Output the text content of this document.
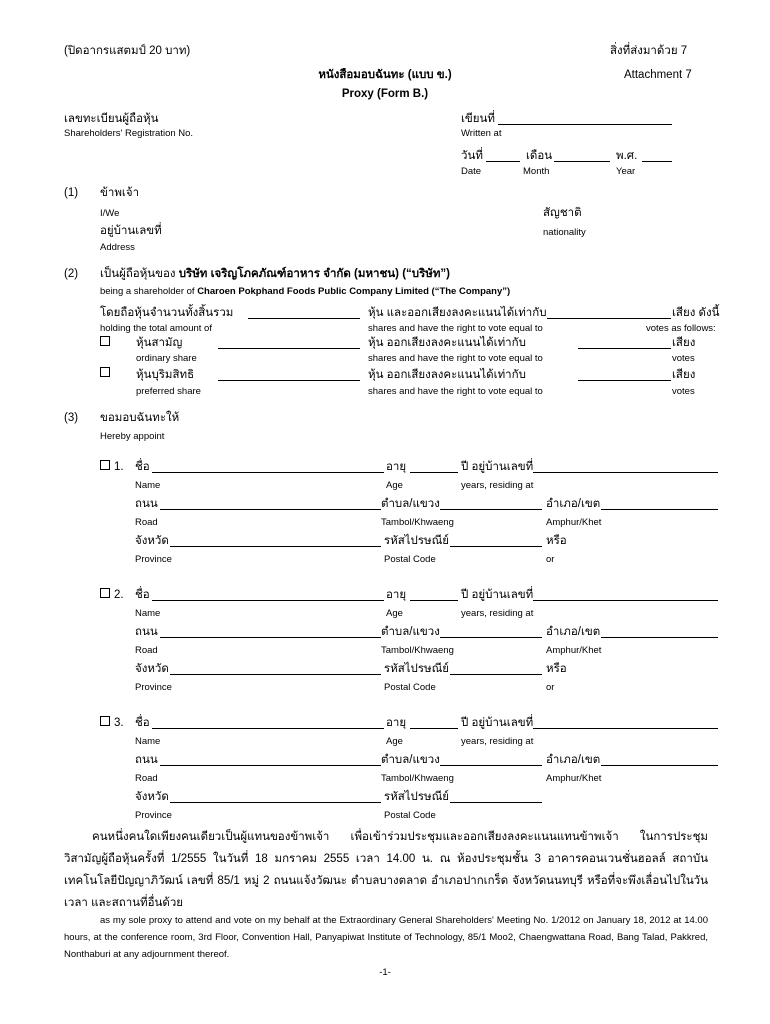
(ปิดอากรแสตมป์ 20 บาท)	สิ่งที่ส่งมาด้วย 7
หนังสือมอบฉันทะ (แบบ ข.)	Attachment 7
Proxy (Form B.)
เลขทะเบียนผู้ถือหุ้น
Shareholders' Registration No.
เขียนที่
Written at
วันที่	เดือน	พ.ศ.
Date	Month	Year
(1) ข้าพเจ้า
I/We	สัญชาติ
อยู่บ้านเลขที่	nationality
Address
(2) เป็นผู้ถือหุ้นของ บริษัท เจริญโภคภัณฑ์อาหาร จำกัด (มหาชน) (“บริษัท”)
being a shareholder of Charoen Pokphand Foods Public Company Limited (“The Company”)
โดยถือหุ้นจำนวนทั้งสิ้นรวม	หุ้น และออกเสียงลงคะแนนได้เท่ากับ	เสียง ดังนี้
holding the total amount of	shares and have the right to vote equal to	votes as follows:
หุ้นสามัญ	หุ้น ออกเสียงลงคะแนนได้เท่ากับ	เสียง
ordinary share	shares and have the right to vote equal to	votes
หุ้นบุริมสิทธิ	หุ้น ออกเสียงลงคะแนนได้เท่ากับ	เสียง
preferred share	shares and have the right to vote equal to	votes
(3) ขอมอบฉันทะให้
Hereby appoint
1. ชื่อ	อายุ	ปี อยู่บ้านเลขที่
Name	Age	years, residing at
ถนน	ตำบล/แขวง	อำเภอ/เขต
Road	Tambol/Khwaeng	Amphur/Khet
จังหวัด	รหัสไปรษณีย์	หรือ
Province	Postal Code	or
2. ชื่อ	อายุ	ปี อยู่บ้านเลขที่
Name	Age	years, residing at
ถนน	ตำบล/แขวง	อำเภอ/เขต
Road	Tambol/Khwaeng	Amphur/Khet
จังหวัด	รหัสไปรษณีย์	หรือ
Province	Postal Code	or
3. ชื่อ	อายุ	ปี อยู่บ้านเลขที่
Name	Age	years, residing at
ถนน	ตำบล/แขวง	อำเภอ/เขต
Road	Tambol/Khwaeng	Amphur/Khet
จังหวัด	รหัสไปรษณีย์
Province	Postal Code
คนหนึ่งคนใดเพียงคนเดียวเป็นผู้แทนของข้าพเจ้า เพื่อเข้าร่วมประชุมและออกเสียงลงคะแนนแทนข้าพเจ้า ในการประชุมวิสามัญผู้ถือหุ้นครั้งที่ 1/2555 ในวันที่ 18 มกราคม 2555 เวลา 14.00 น. ณ ห้องประชุมชั้น 3 อาคารคอนเวนชั่นฮอลล์ สถาบันเทคโนโลยีปัญญาภิวัฒน์ เลขที่ 85/1 หมู่ 2 ถนนแจ้งวัฒนะ ตำบลบางตลาด อำเภอปากเกร็ด จังหวัดนนทบุรี หรือที่จะพึงเลื่อนไปในวัน เวลา และสถานที่อื่นด้วย
as my sole proxy to attend and vote on my behalf at the Extraordinary General Shareholders' Meeting No. 1/2012 on January 18, 2012 at 14.00 hours, at the conference room, 3rd Floor, Convention Hall, Panyapiwat Institute of Technology, 85/1 Moo2, Chaengwattana Road, Bang Talad, Pakkred, Nonthaburi at any adjournment thereof.
-1-
